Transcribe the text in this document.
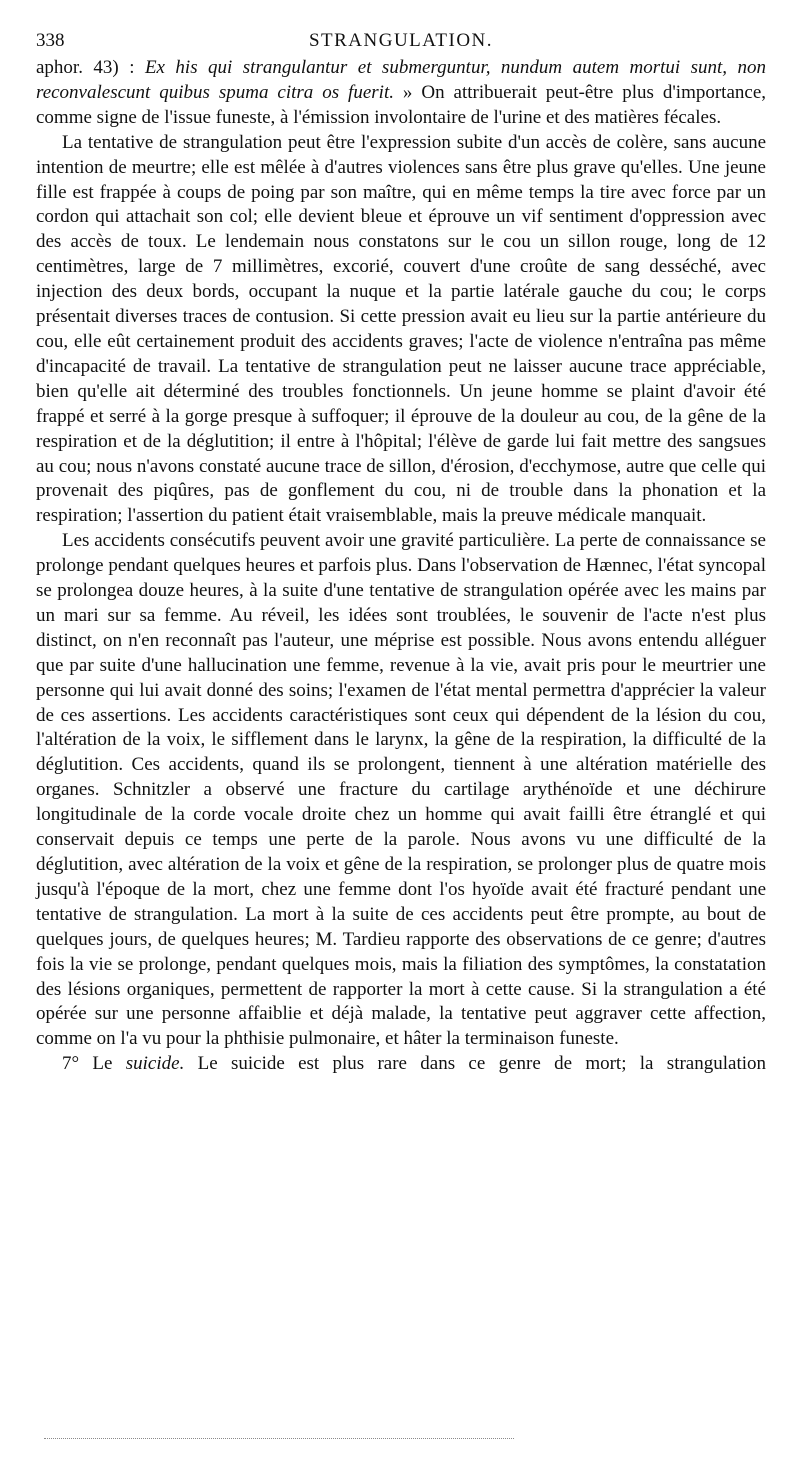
338	STRANGULATION.

aphor. 43) : Ex his qui strangulantur et submerguntur, nundum autem mortui sunt, non reconvalescunt quibus spuma citra os fuerit. » On attribuerait peut-être plus d'importance, comme signe de l'issue funeste, à l'émission involontaire de l'urine et des matières fécales.

La tentative de strangulation peut être l'expression subite d'un accès de colère, sans aucune intention de meurtre; elle est mêlée à d'autres violences sans être plus grave qu'elles. Une jeune fille est frappée à coups de poing par son maître, qui en même temps la tire avec force par un cordon qui attachait son col; elle devient bleue et éprouve un vif sentiment d'oppression avec des accès de toux. Le lendemain nous constatons sur le cou un sillon rouge, long de 12 centimètres, large de 7 millimètres, excorié, couvert d'une croûte de sang desséché, avec injection des deux bords, occupant la nuque et la partie latérale gauche du cou; le corps présentait diverses traces de contusion. Si cette pression avait eu lieu sur la partie antérieure du cou, elle eût certainement produit des accidents graves; l'acte de violence n'entraîna pas même d'incapacité de travail. La tentative de strangulation peut ne laisser aucune trace appréciable, bien qu'elle ait déterminé des troubles fonctionnels. Un jeune homme se plaint d'avoir été frappé et serré à la gorge presque à suffoquer; il éprouve de la douleur au cou, de la gêne de la respiration et de la déglutition; il entre à l'hôpital; l'élève de garde lui fait mettre des sangsues au cou; nous n'avons constaté aucune trace de sillon, d'érosion, d'ecchymose, autre que celle qui provenait des piqûres, pas de gonflement du cou, ni de trouble dans la phonation et la respiration; l'assertion du patient était vraisemblable, mais la preuve médicale manquait.

Les accidents consécutifs peuvent avoir une gravité particulière. La perte de connaissance se prolonge pendant quelques heures et parfois plus. Dans l'observation de Hænnec, l'état syncopal se prolongea douze heures, à la suite d'une tentative de strangulation opérée avec les mains par un mari sur sa femme. Au réveil, les idées sont troublées, le souvenir de l'acte n'est plus distinct, on n'en reconnaît pas l'auteur, une méprise est possible. Nous avons entendu alléguer que par suite d'une hallucination une femme, revenue à la vie, avait pris pour le meurtrier une personne qui lui avait donné des soins; l'examen de l'état mental permettra d'apprécier la valeur de ces assertions. Les accidents caractéristiques sont ceux qui dépendent de la lésion du cou, l'altération de la voix, le sifflement dans le larynx, la gêne de la respiration, la difficulté de la déglutition. Ces accidents, quand ils se prolongent, tiennent à une altération matérielle des organes. Schnitzler a observé une fracture du cartilage arythénoïde et une déchirure longitudinale de la corde vocale droite chez un homme qui avait failli être étranglé et qui conservait depuis ce temps une perte de la parole. Nous avons vu une difficulté de la déglutition, avec altération de la voix et gêne de la respiration, se prolonger plus de quatre mois jusqu'à l'époque de la mort, chez une femme dont l'os hyoïde avait été fracturé pendant une tentative de strangulation. La mort à la suite de ces accidents peut être prompte, au bout de quelques jours, de quelques heures; M. Tardieu rapporte des observations de ce genre; d'autres fois la vie se prolonge, pendant quelques mois, mais la filiation des symptômes, la constatation des lésions organiques, permettent de rapporter la mort à cette cause. Si la strangulation a été opérée sur une personne affaiblie et déjà malade, la tentative peut aggraver cette affection, comme on l'a vu pour la phthisie pulmonaire, et hâter la terminaison funeste.

7° Le suicide. Le suicide est plus rare dans ce genre de mort; la strangulation
